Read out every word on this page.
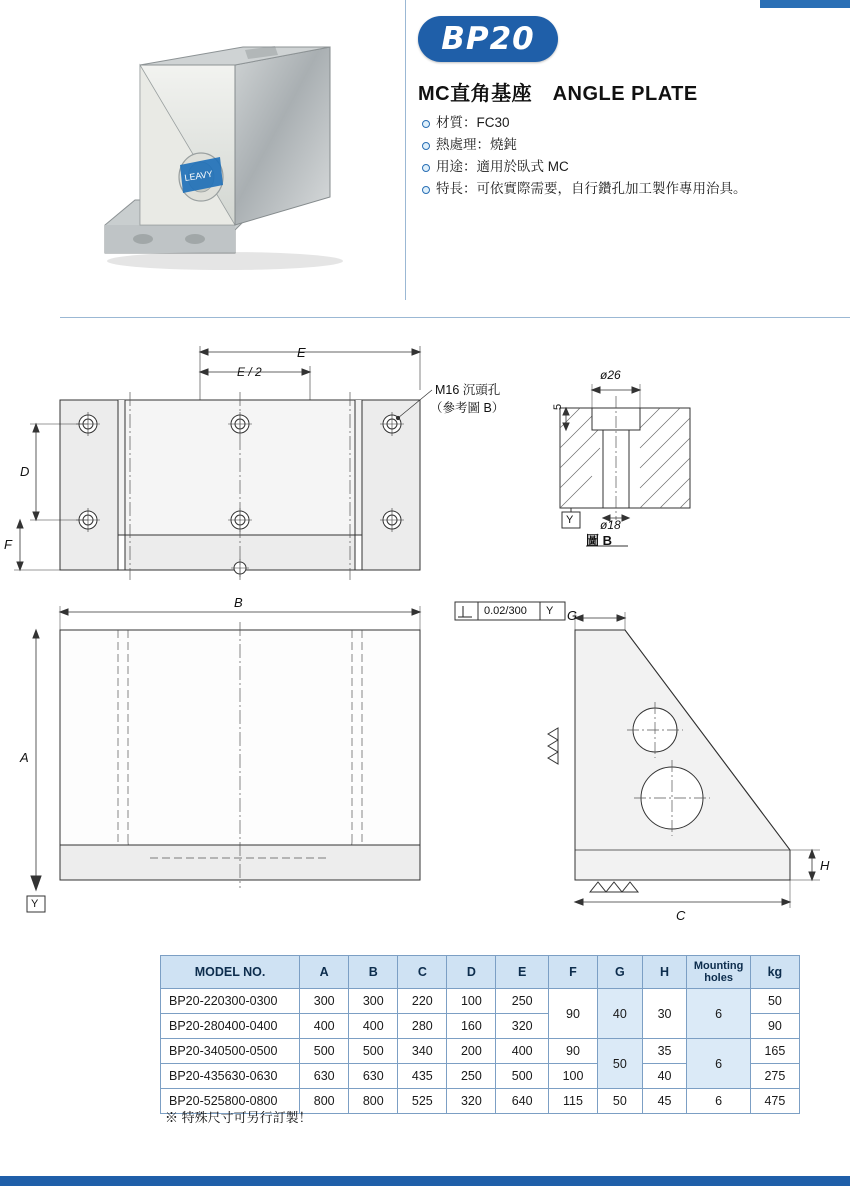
LEAVY
BP20
MC直角基座　ANGLE PLATE
材質：FC30
熱處理：燒鈍
用途：適用於臥式 MC
特長：可依實際需要，自行鑽孔加工製作專用治具。
E
E / 2
D
F
M16 沉頭孔
（參考圖 B）
ø26
ø18
5
Y
圖 B
B
A
Y
0.02/300 Y G
H
C
MODEL NO.	A	B	C	D	E	F	G	H	Mounting
holes	kg
BP20-220300-0300	300	300	220	100	250	90	40	30	6	50
BP20-280400-0400	400	400	280	160	320					90
BP20-340500-0500	500	500	340	200	400	90	50	35	6	165
BP20-435630-0630	630	630	435	250	500	100		40		275
BP20-525800-0800	800	800	525	320	640	115	50	45	6	475
※ 特殊尺寸可另行訂製！
